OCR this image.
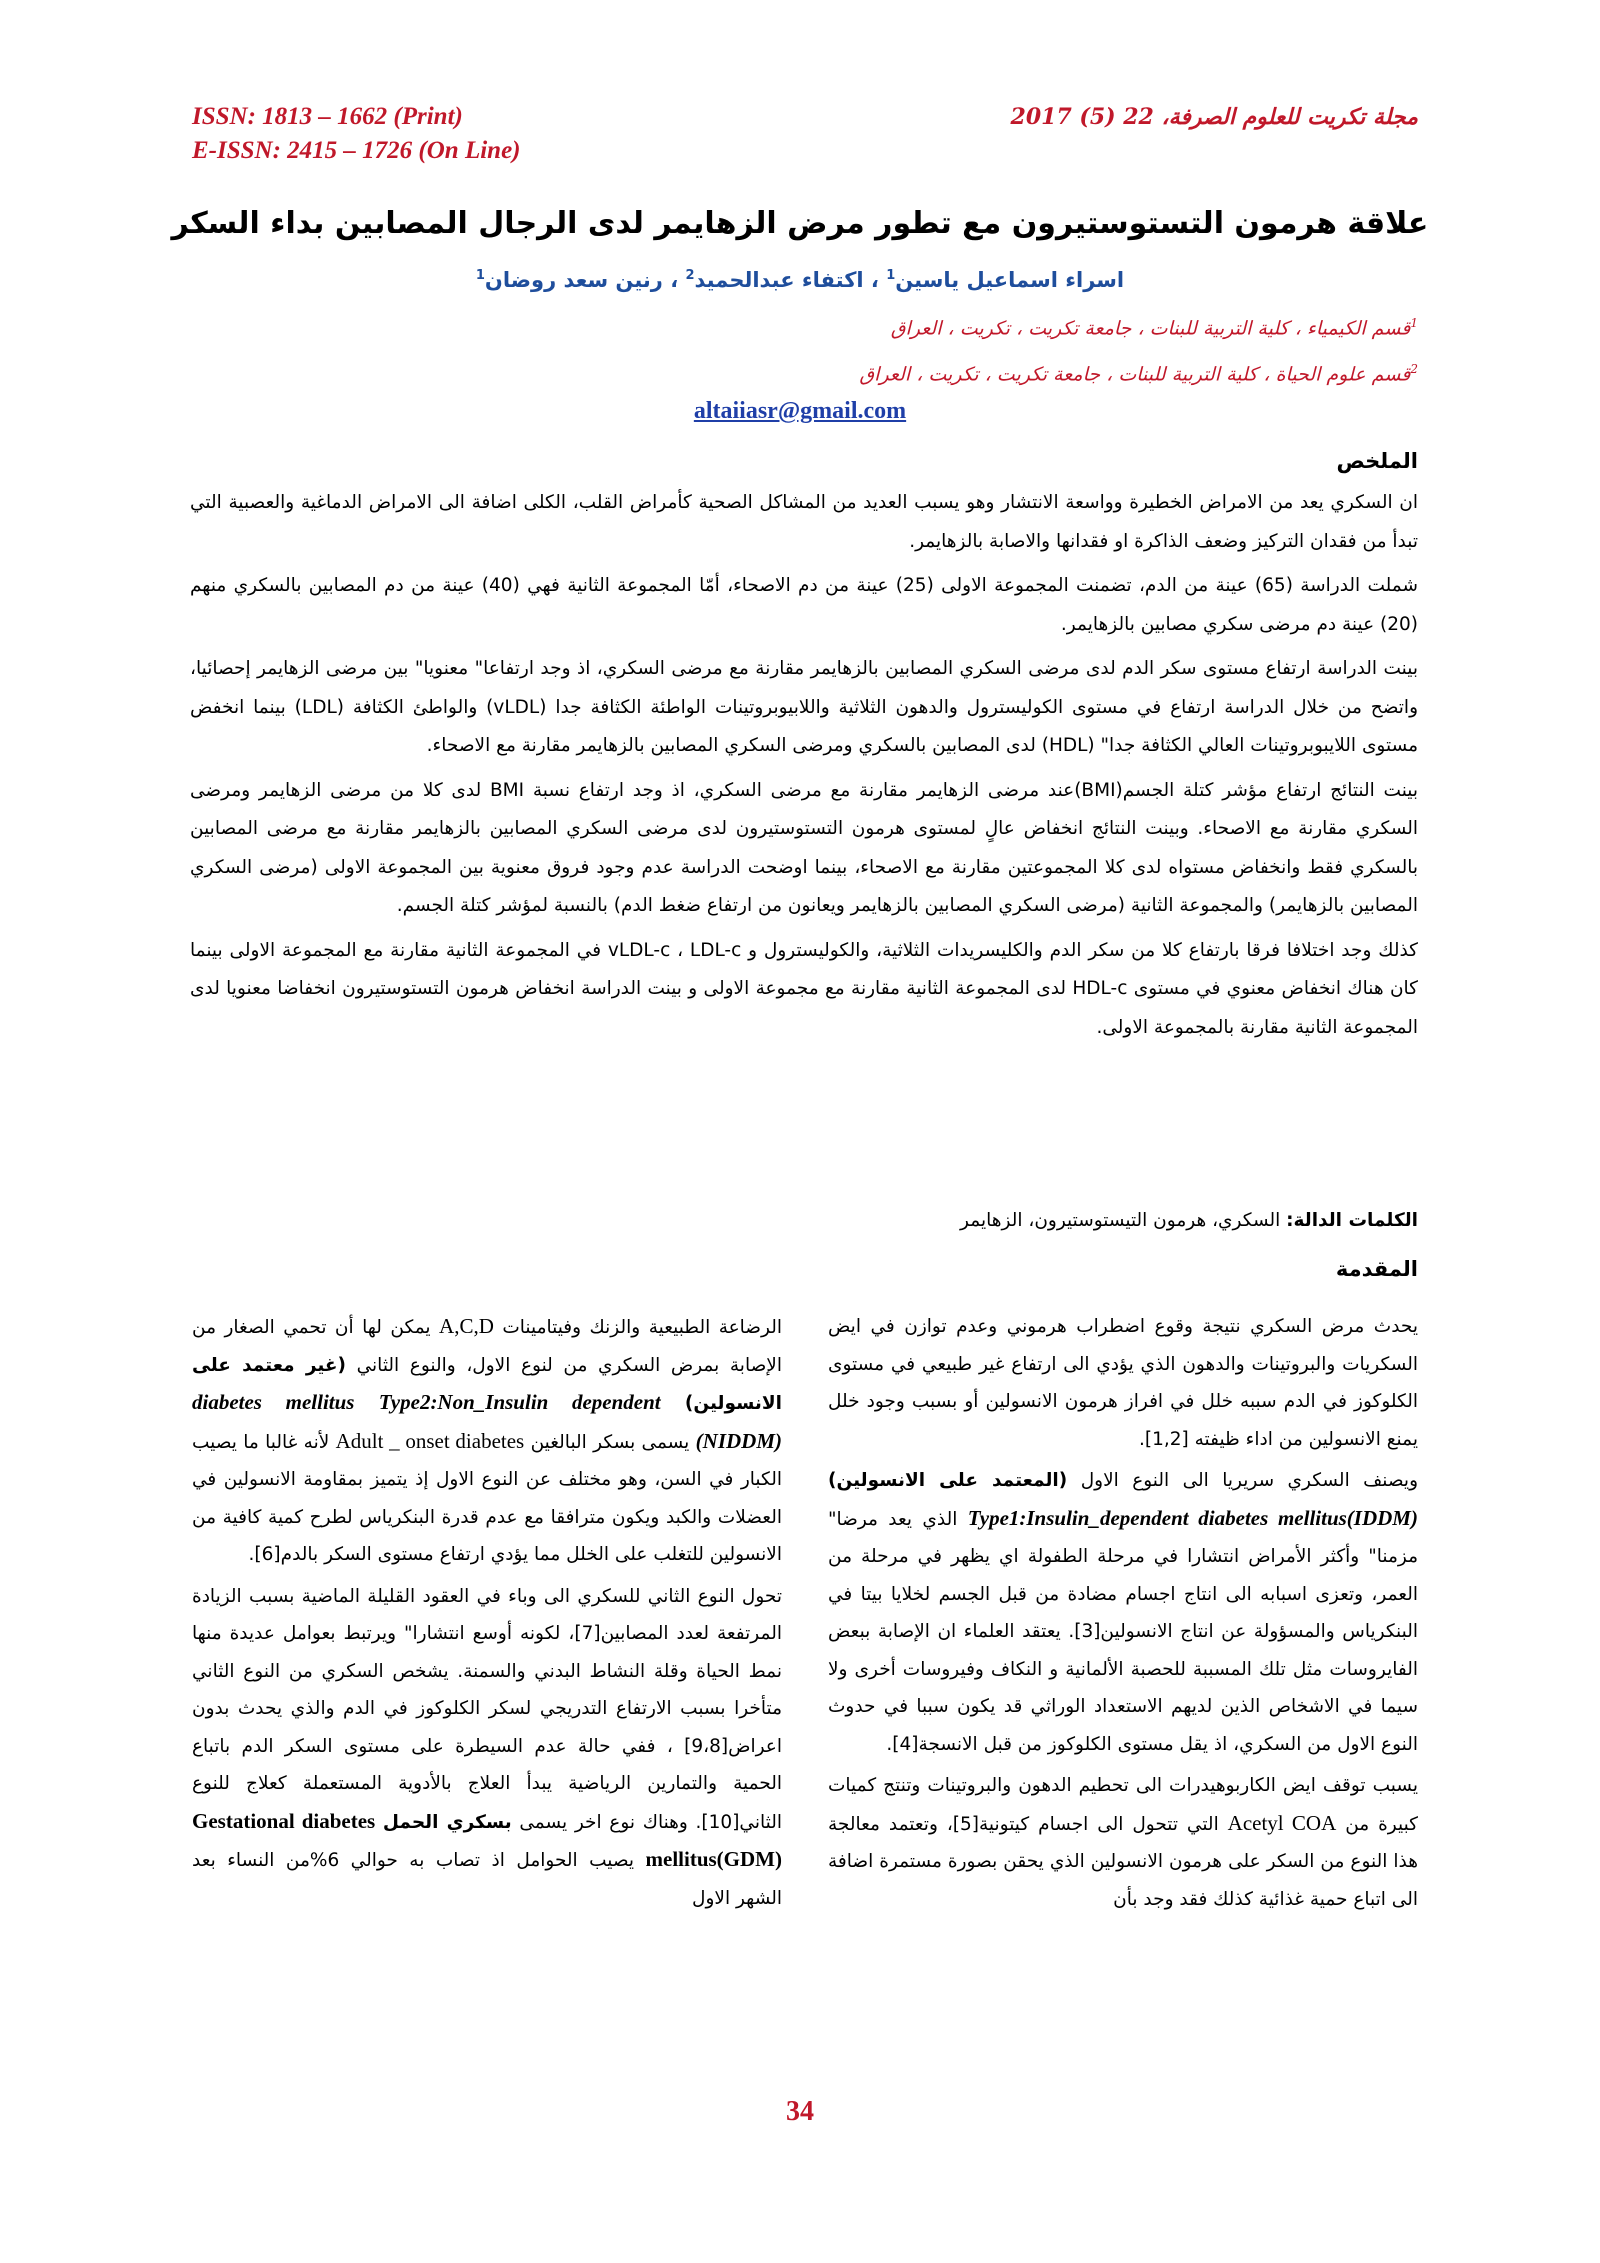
ISSN: 1813 – 1662 (Print)
E-ISSN: 2415 – 1726 (On Line)
مجلة تكريت للعلوم الصرفة، 22 (5) 2017
علاقة هرمون التستوستيرون مع تطور مرض الزهايمر لدى الرجال المصابين بداء السكر
اسراء اسماعيل ياسين$^1$ ، اكتفاء عبدالحميد$^2$ ، رنين سعد روضان$^1$
$^1$قسم الكيمياء ، كلية التربية للبنات ، جامعة تكريت ، تكريت ، العراق
$^2$قسم علوم الحياة ، كلية التربية للبنات ، جامعة تكريت ، تكريت ، العراق
altaiiasr@gmail.com
الملخص

ان السكري يعد من الامراض الخطيرة وواسعة الانتشار وهو يسبب العديد من المشاكل الصحية كأمراض القلب، الكلى اضافة الى الامراض الدماغية والعصبية التي تبدأ من فقدان التركيز وضعف الذاكرة او فقدانها والاصابة بالزهايمر.

شملت الدراسة (65) عينة من الدم، تضمنت المجموعة الاولى (25) عينة من دم الاصحاء، أمّا المجموعة الثانية فهي (40) عينة من دم المصابين بالسكري منهم (20) عينة دم مرضى سكري مصابين بالزهايمر.

بينت الدراسة ارتفاع مستوى سكر الدم لدى مرضى السكري المصابين بالزهايمر مقارنة مع مرضى السكري، اذ وجد ارتفاعا" معنويا" بين مرضى الزهايمر إحصائيا، واتضح من خلال الدراسة ارتفاع في مستوى الكوليسترول والدهون الثلاثية واللابيوبروتينات الواطئة الكثافة جدا (vLDL) والواطئ الكثافة (LDL) بينما انخفض مستوى اللايبوبروتينات العالي الكثافة جدا" (HDL) لدى المصابين بالسكري ومرضى السكري المصابين بالزهايمر مقارنة مع الاصحاء.

بينت النتائج ارتفاع مؤشر كتلة الجسم(BMI)عند مرضى الزهايمر مقارنة مع مرضى السكري، اذ وجد ارتفاع نسبة BMI لدى كلا من مرضى الزهايمر ومرضى السكري مقارنة مع الاصحاء. وبينت النتائج انخفاض عالٍ لمستوى هرمون التستوستيرون لدى مرضى السكري المصابين بالزهايمر مقارنة مع مرضى المصابين بالسكري فقط وانخفاض مستواه لدى كلا المجموعتين مقارنة مع الاصحاء، بينما اوضحت الدراسة عدم وجود فروق معنوية بين المجموعة الاولى (مرضى السكري المصابين بالزهايمر) والمجموعة الثانية (مرضى السكري المصابين بالزهايمر ويعانون من ارتفاع ضغط الدم) بالنسبة لمؤشر كتلة الجسم.

كذلك وجد اختلافا فرقا بارتفاع كلا من سكر الدم والكليسريدات الثلاثية، والكوليسترول و vLDL-c ، LDL-c في المجموعة الثانية مقارنة مع المجموعة الاولى بينما كان هناك انخفاض معنوي في مستوى HDL-c لدى المجموعة الثانية مقارنة مع مجموعة الاولى و بينت الدراسة انخفاض هرمون التستوستيرون انخفاضا معنويا لدى المجموعة الثانية مقارنة بالمجموعة الاولى.

الكلمات الدالة: السكري، هرمون التيستوستيرون، الزهايمر
المقدمة

يحدث مرض السكري نتيجة وقوع اضطراب هرموني وعدم توازن في ايض السكريات والبروتينات والدهون الذي يؤدي الى ارتفاع غير طبيعي في مستوى الكلوكوز في الدم سببه خلل في افراز هرمون الانسولين أو بسبب وجود خلل يمنع الانسولين من اداء ظيفته [1,2].

ويصنف السكري سريريا الى النوع الاول (المعتمد على الانسولين) Type1:Insulin_dependent diabetes mellitus(IDDM) الذي يعد مرضا" مزمنا" وأكثر الأمراض انتشارا في مرحلة الطفولة اي يظهر في مرحلة من العمر، وتعزى اسبابه الى انتاج اجسام مضادة من قبل الجسم لخلايا بيتا في البنكرياس والمسؤولة عن انتاج الانسولين[3]. يعتقد العلماء ان الإصابة ببعض الفايروسات مثل تلك المسببة للحصبة الألمانية و النكاف وفيروسات أخرى ولا سيما في الاشخاص الذين لديهم الاستعداد الوراثي قد يكون سببا في حدوث النوع الاول من السكري، اذ يقل مستوى الكلوكوز من قبل الانسجة[4].

يسبب توقف ايض الكاربوهيدرات الى تحطيم الدهون والبروتينات وتنتج كميات كبيرة من Acetyl COA التي تتحول الى اجسام كيتونية[5]، وتعتمد معالجة هذا النوع من السكر على هرمون الانسولين الذي يحقن بصورة مستمرة اضافة الى اتباع حمية غذائية كذلك فقد وجد بأن

الرضاعة الطبيعية والزنك وفيتامينات A,C,D يمكن لها أن تحمي الصغار من الإصابة بمرض السكري من لنوع الاول، والنوع الثاني (غير معتمد على الانسولين) Type2:Non_Insulin dependent diabetes mellitus (NIDDM) يسمى بسكر البالغين Adult _ onset diabetes لأنه غالبا ما يصيب الكبار في السن، وهو مختلف عن النوع الاول إذ يتميز بمقاومة الانسولين في العضلات والكبد ويكون مترافقا مع عدم قدرة البنكرياس لطرح كمية كافية من الانسولين للتغلب على الخلل مما يؤدي ارتفاع مستوى السكر بالدم[6].

تحول النوع الثاني للسكري الى وباء في العقود القليلة الماضية بسبب الزيادة المرتفعة لعدد المصابين[7]، لكونه أوسع انتشارا" ويرتبط بعوامل عديدة منها نمط الحياة وقلة النشاط البدني والسمنة. يشخص السكري من النوع الثاني متأخرا بسبب الارتفاع التدريجي لسكر الكلوكوز في الدم والذي يحدث بدون اعراض[9،8] ، ففي حالة عدم السيطرة على مستوى السكر الدم باتباع الحمية والتمارين الرياضية يبدأ العلاج بالأدوية المستعملة كعلاج للنوع الثاني[10]. وهناك نوع اخر يسمى بسكري الحمل Gestational diabetes mellitus(GDM) يصيب الحوامل اذ تصاب به حوالي 6%من النساء بعد الشهر الاول

34
